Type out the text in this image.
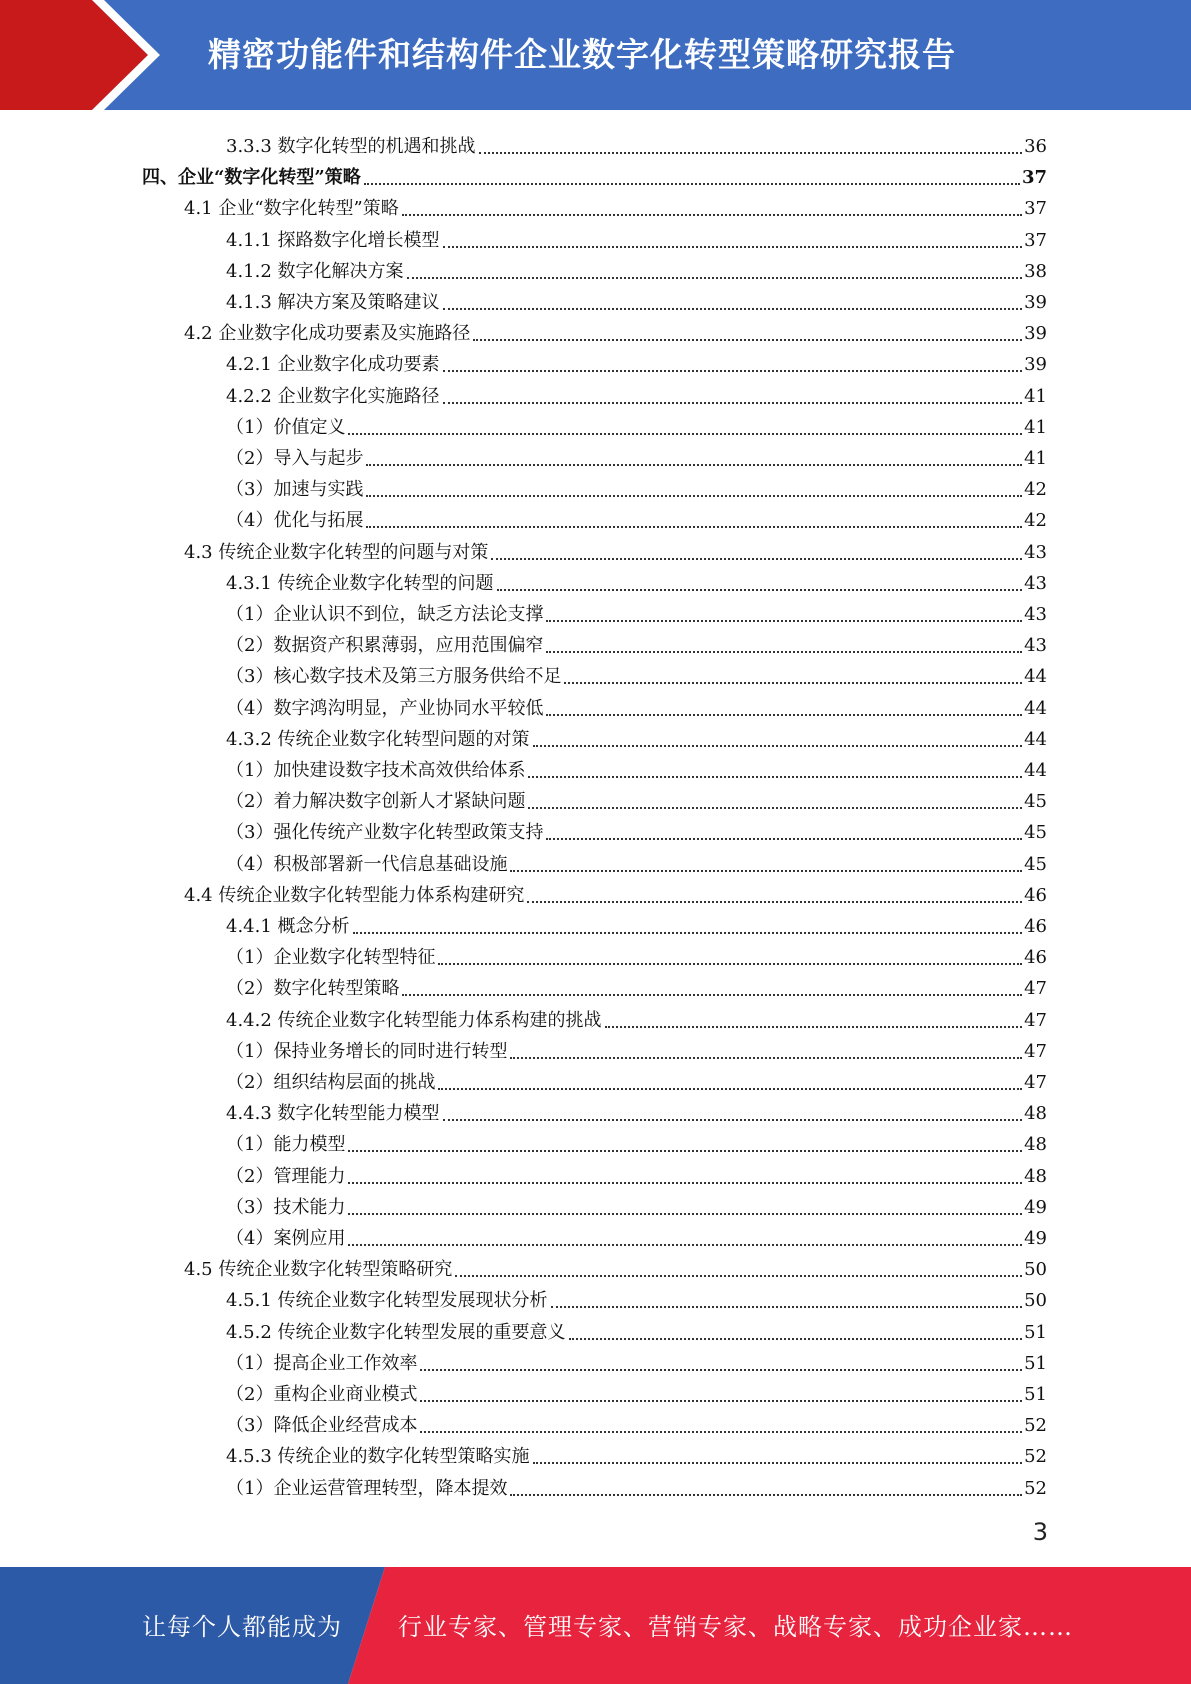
精密功能件和结构件企业数字化转型策略研究报告
3.3.3 数字化转型的机遇和挑战	36
四、企业“数字化转型”策略	37
4.1 企业“数字化转型”策略	37
4.1.1 探路数字化增长模型	37
4.1.2 数字化解决方案	38
4.1.3 解决方案及策略建议	39
4.2 企业数字化成功要素及实施路径	39
4.2.1 企业数字化成功要素	39
4.2.2 企业数字化实施路径	41
（1）价值定义	41
（2）导入与起步	41
（3）加速与实践	42
（4）优化与拓展	42
4.3 传统企业数字化转型的问题与对策	43
4.3.1 传统企业数字化转型的问题	43
（1）企业认识不到位，缺乏方法论支撑	43
（2）数据资产积累薄弱，应用范围偏窄	43
（3）核心数字技术及第三方服务供给不足	44
（4）数字鸿沟明显，产业协同水平较低	44
4.3.2 传统企业数字化转型问题的对策	44
（1）加快建设数字技术高效供给体系	44
（2）着力解决数字创新人才紧缺问题	45
（3）强化传统产业数字化转型政策支持	45
（4）积极部署新一代信息基础设施	45
4.4 传统企业数字化转型能力体系构建研究	46
4.4.1 概念分析	46
（1）企业数字化转型特征	46
（2）数字化转型策略	47
4.4.2 传统企业数字化转型能力体系构建的挑战	47
（1）保持业务增长的同时进行转型	47
（2）组织结构层面的挑战	47
4.4.3 数字化转型能力模型	48
（1）能力模型	48
（2）管理能力	48
（3）技术能力	49
（4）案例应用	49
4.5 传统企业数字化转型策略研究	50
4.5.1 传统企业数字化转型发展现状分析	50
4.5.2 传统企业数字化转型发展的重要意义	51
（1）提高企业工作效率	51
（2）重构企业商业模式	51
（3）降低企业经营成本	52
4.5.3 传统企业的数字化转型策略实施	52
（1）企业运营管理转型，降本提效	52
3
让每个人都能成为 行业专家、管理专家、营销专家、战略专家、成功企业家……
